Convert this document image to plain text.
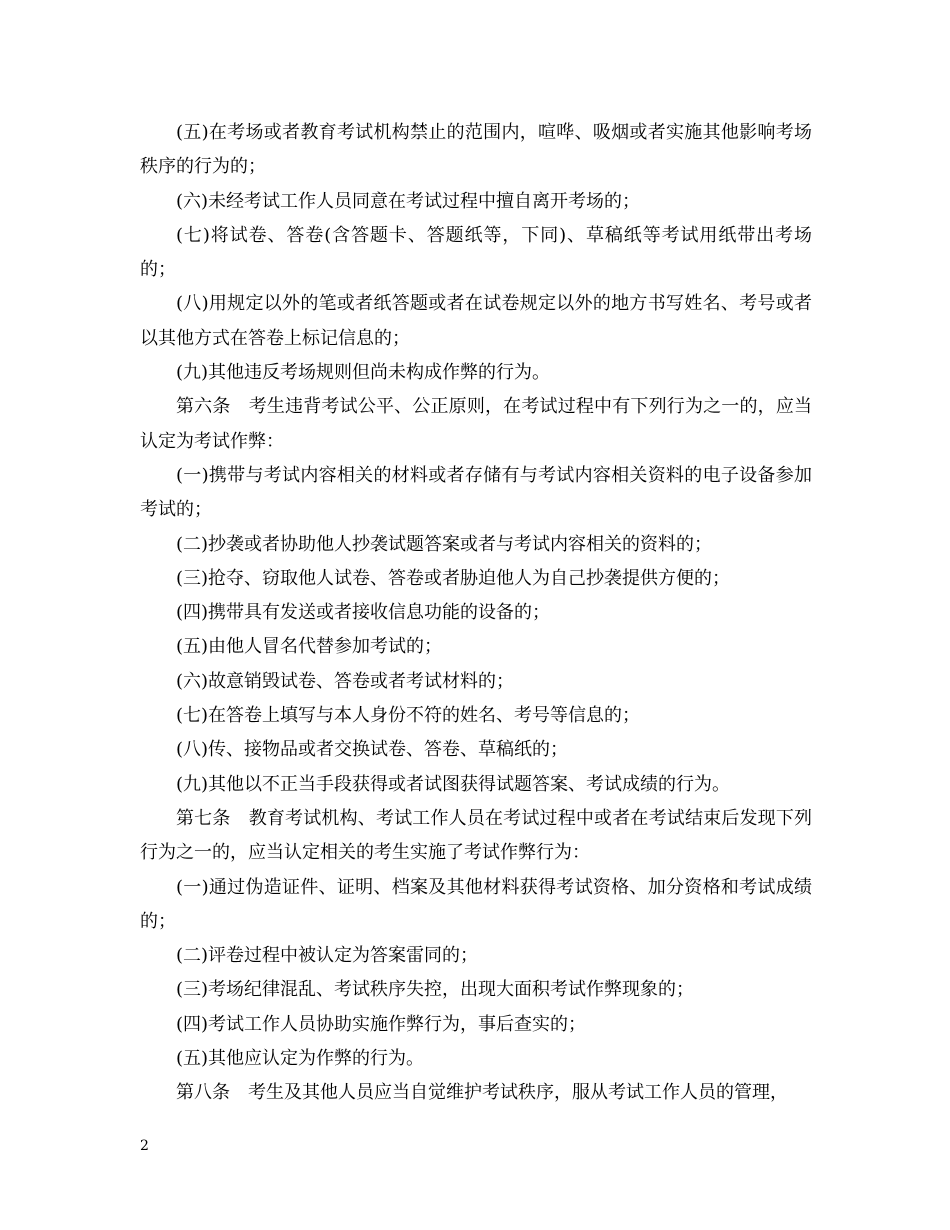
(五)在考场或者教育考试机构禁止的范围内，喧哗、吸烟或者实施其他影响考场秩序的行为的；

(六)未经考试工作人员同意在考试过程中擅自离开考场的；

(七)将试卷、答卷(含答题卡、答题纸等，下同)、草稿纸等考试用纸带出考场的；

(八)用规定以外的笔或者纸答题或者在试卷规定以外的地方书写姓名、考号或者以其他方式在答卷上标记信息的；

(九)其他违反考场规则但尚未构成作弊的行为。

第六条　考生违背考试公平、公正原则，在考试过程中有下列行为之一的，应当认定为考试作弊：

(一)携带与考试内容相关的材料或者存储有与考试内容相关资料的电子设备参加考试的；

(二)抄袭或者协助他人抄袭试题答案或者与考试内容相关的资料的；

(三)抢夺、窃取他人试卷、答卷或者胁迫他人为自己抄袭提供方便的；

(四)携带具有发送或者接收信息功能的设备的；

(五)由他人冒名代替参加考试的；

(六)故意销毁试卷、答卷或者考试材料的；

(七)在答卷上填写与本人身份不符的姓名、考号等信息的；

(八)传、接物品或者交换试卷、答卷、草稿纸的；

(九)其他以不正当手段获得或者试图获得试题答案、考试成绩的行为。

第七条　教育考试机构、考试工作人员在考试过程中或者在考试结束后发现下列行为之一的，应当认定相关的考生实施了考试作弊行为：

(一)通过伪造证件、证明、档案及其他材料获得考试资格、加分资格和考试成绩的；

(二)评卷过程中被认定为答案雷同的；

(三)考场纪律混乱、考试秩序失控，出现大面积考试作弊现象的；

(四)考试工作人员协助实施作弊行为，事后查实的；

(五)其他应认定为作弊的行为。

第八条　考生及其他人员应当自觉维护考试秩序，服从考试工作人员的管理，

2
